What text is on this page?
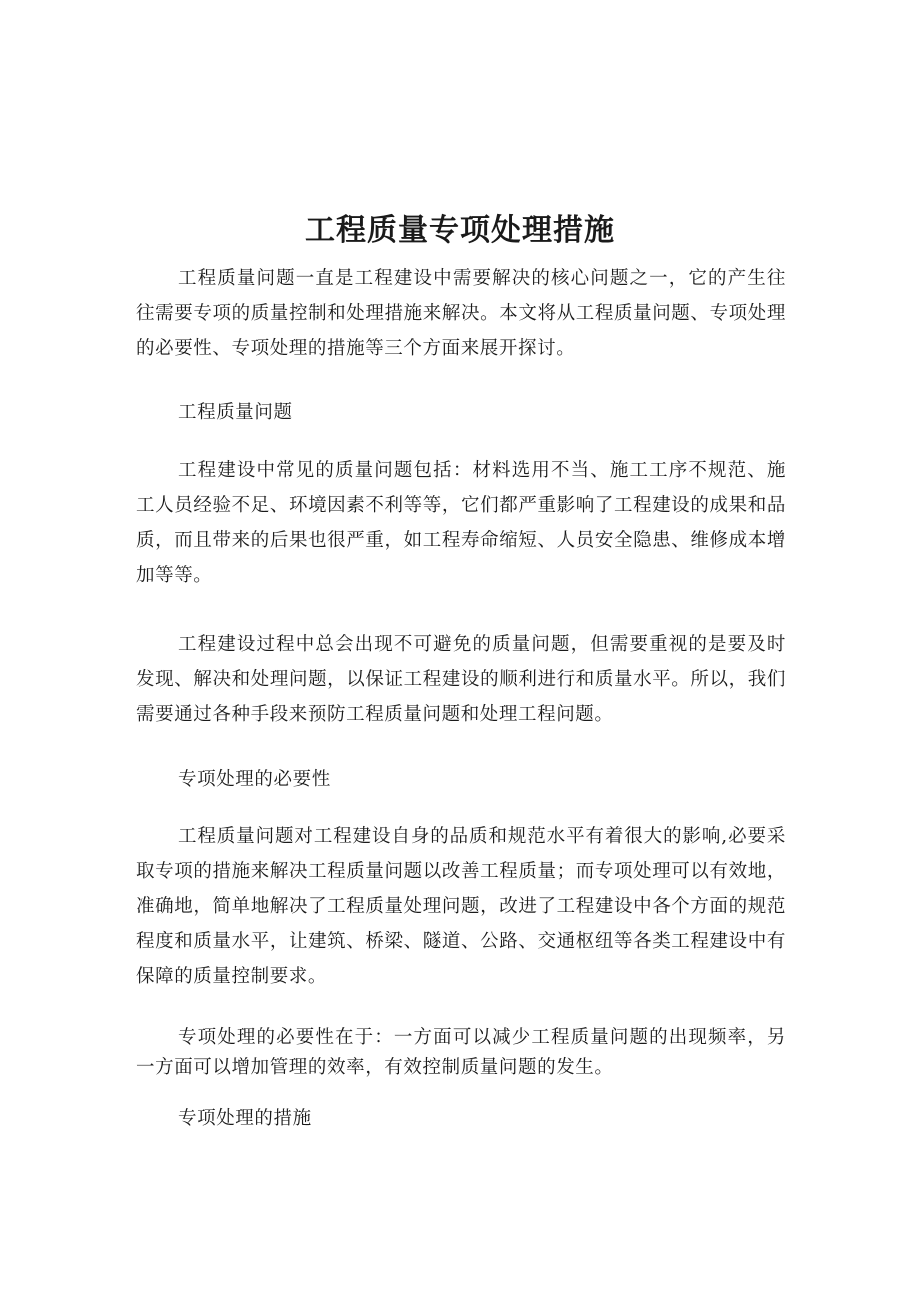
工程质量专项处理措施

工程质量问题一直是工程建设中需要解决的核心问题之一，它的产生往往需要专项的质量控制和处理措施来解决。本文将从工程质量问题、专项处理的必要性、专项处理的措施等三个方面来展开探讨。

工程质量问题

工程建设中常见的质量问题包括：材料选用不当、施工工序不规范、施工人员经验不足、环境因素不利等等，它们都严重影响了工程建设的成果和品质，而且带来的后果也很严重，如工程寿命缩短、人员安全隐患、维修成本增加等等。

工程建设过程中总会出现不可避免的质量问题，但需要重视的是要及时发现、解决和处理问题，以保证工程建设的顺利进行和质量水平。所以，我们需要通过各种手段来预防工程质量问题和处理工程问题。

专项处理的必要性

工程质量问题对工程建设自身的品质和规范水平有着很大的影响,必要采取专项的措施来解决工程质量问题以改善工程质量；而专项处理可以有效地，准确地，简单地解决了工程质量处理问题，改进了工程建设中各个方面的规范程度和质量水平，让建筑、桥梁、隧道、公路、交通枢纽等各类工程建设中有保障的质量控制要求。

专项处理的必要性在于：一方面可以减少工程质量问题的出现频率，另一方面可以增加管理的效率，有效控制质量问题的发生。

专项处理的措施
